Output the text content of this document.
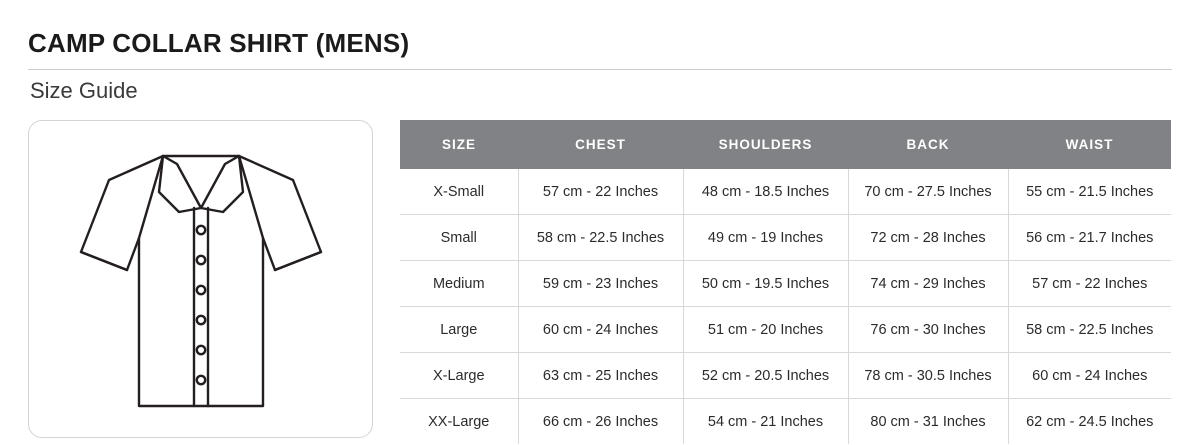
CAMP COLLAR SHIRT (MENS)
Size Guide
SIZE	CHEST	SHOULDERS	BACK	WAIST
X-Small	57 cm - 22 Inches	48 cm - 18.5 Inches	70 cm - 27.5 Inches	55 cm - 21.5 Inches
Small	58 cm - 22.5 Inches	49 cm - 19 Inches	72 cm - 28 Inches	56 cm - 21.7 Inches
Medium	59 cm - 23 Inches	50 cm - 19.5 Inches	74 cm - 29 Inches	57 cm - 22 Inches
Large	60 cm - 24 Inches	51 cm - 20 Inches	76 cm - 30 Inches	58 cm - 22.5 Inches
X-Large	63 cm - 25 Inches	52 cm - 20.5 Inches	78 cm - 30.5 Inches	60 cm - 24 Inches
XX-Large	66 cm - 26 Inches	54 cm - 21 Inches	80 cm - 31 Inches	62 cm - 24.5 Inches
